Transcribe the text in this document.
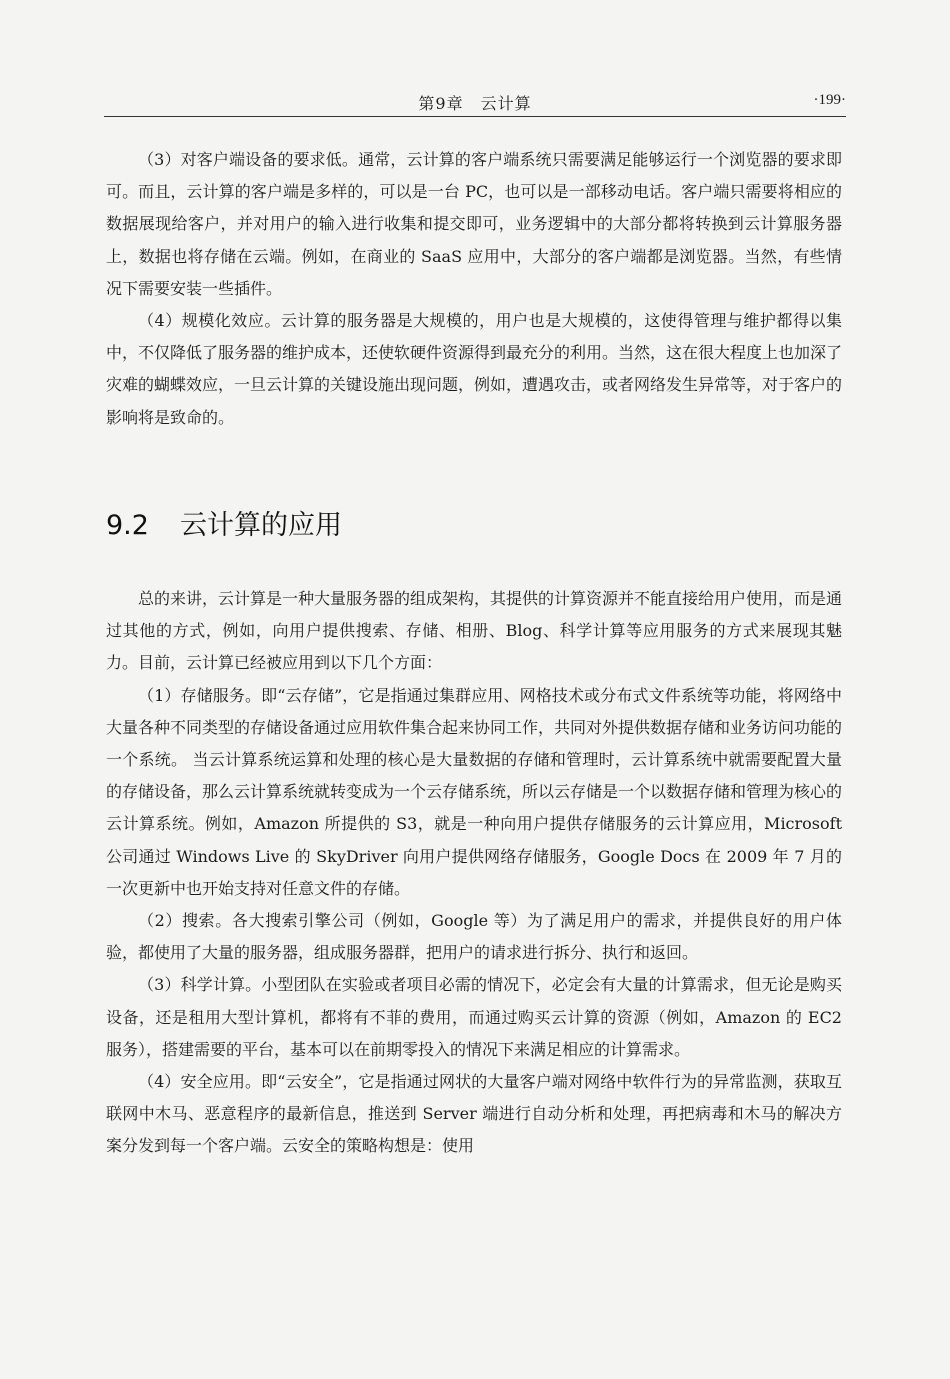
第9章　云计算	·199·

（3）对客户端设备的要求低。通常，云计算的客户端系统只需要满足能够运行一个浏览器的要求即可。而且，云计算的客户端是多样的，可以是一台 PC，也可以是一部移动电话。客户端只需要将相应的数据展现给客户，并对用户的输入进行收集和提交即可，业务逻辑中的大部分都将转换到云计算服务器上，数据也将存储在云端。例如，在商业的 SaaS 应用中，大部分的客户端都是浏览器。当然，有些情况下需要安装一些插件。

（4）规模化效应。云计算的服务器是大规模的，用户也是大规模的，这使得管理与维护都得以集中，不仅降低了服务器的维护成本，还使软硬件资源得到最充分的利用。当然，这在很大程度上也加深了灾难的蝴蝶效应，一旦云计算的关键设施出现问题，例如，遭遇攻击，或者网络发生异常等，对于客户的影响将是致命的。

9.2 云计算的应用

总的来讲，云计算是一种大量服务器的组成架构，其提供的计算资源并不能直接给用户使用，而是通过其他的方式，例如，向用户提供搜索、存储、相册、Blog、科学计算等应用服务的方式来展现其魅力。目前，云计算已经被应用到以下几个方面：

（1）存储服务。即“云存储”，它是指通过集群应用、网格技术或分布式文件系统等功能，将网络中大量各种不同类型的存储设备通过应用软件集合起来协同工作，共同对外提供数据存储和业务访问功能的一个系统。 当云计算系统运算和处理的核心是大量数据的存储和管理时，云计算系统中就需要配置大量的存储设备，那么云计算系统就转变成为一个云存储系统，所以云存储是一个以数据存储和管理为核心的云计算系统。例如，Amazon 所提供的 S3，就是一种向用户提供存储服务的云计算应用，Microsoft 公司通过 Windows Live 的 SkyDriver 向用户提供网络存储服务，Google Docs 在 2009 年 7 月的一次更新中也开始支持对任意文件的存储。

（2）搜索。各大搜索引擎公司（例如，Google 等）为了满足用户的需求，并提供良好的用户体验，都使用了大量的服务器，组成服务器群，把用户的请求进行拆分、执行和返回。

（3）科学计算。小型团队在实验或者项目必需的情况下，必定会有大量的计算需求，但无论是购买设备，还是租用大型计算机，都将有不菲的费用，而通过购买云计算的资源（例如，Amazon 的 EC2 服务），搭建需要的平台，基本可以在前期零投入的情况下来满足相应的计算需求。

（4）安全应用。即“云安全”，它是指通过网状的大量客户端对网络中软件行为的异常监测，获取互联网中木马、恶意程序的最新信息，推送到 Server 端进行自动分析和处理，再把病毒和木马的解决方案分发到每一个客户端。云安全的策略构想是：使用
